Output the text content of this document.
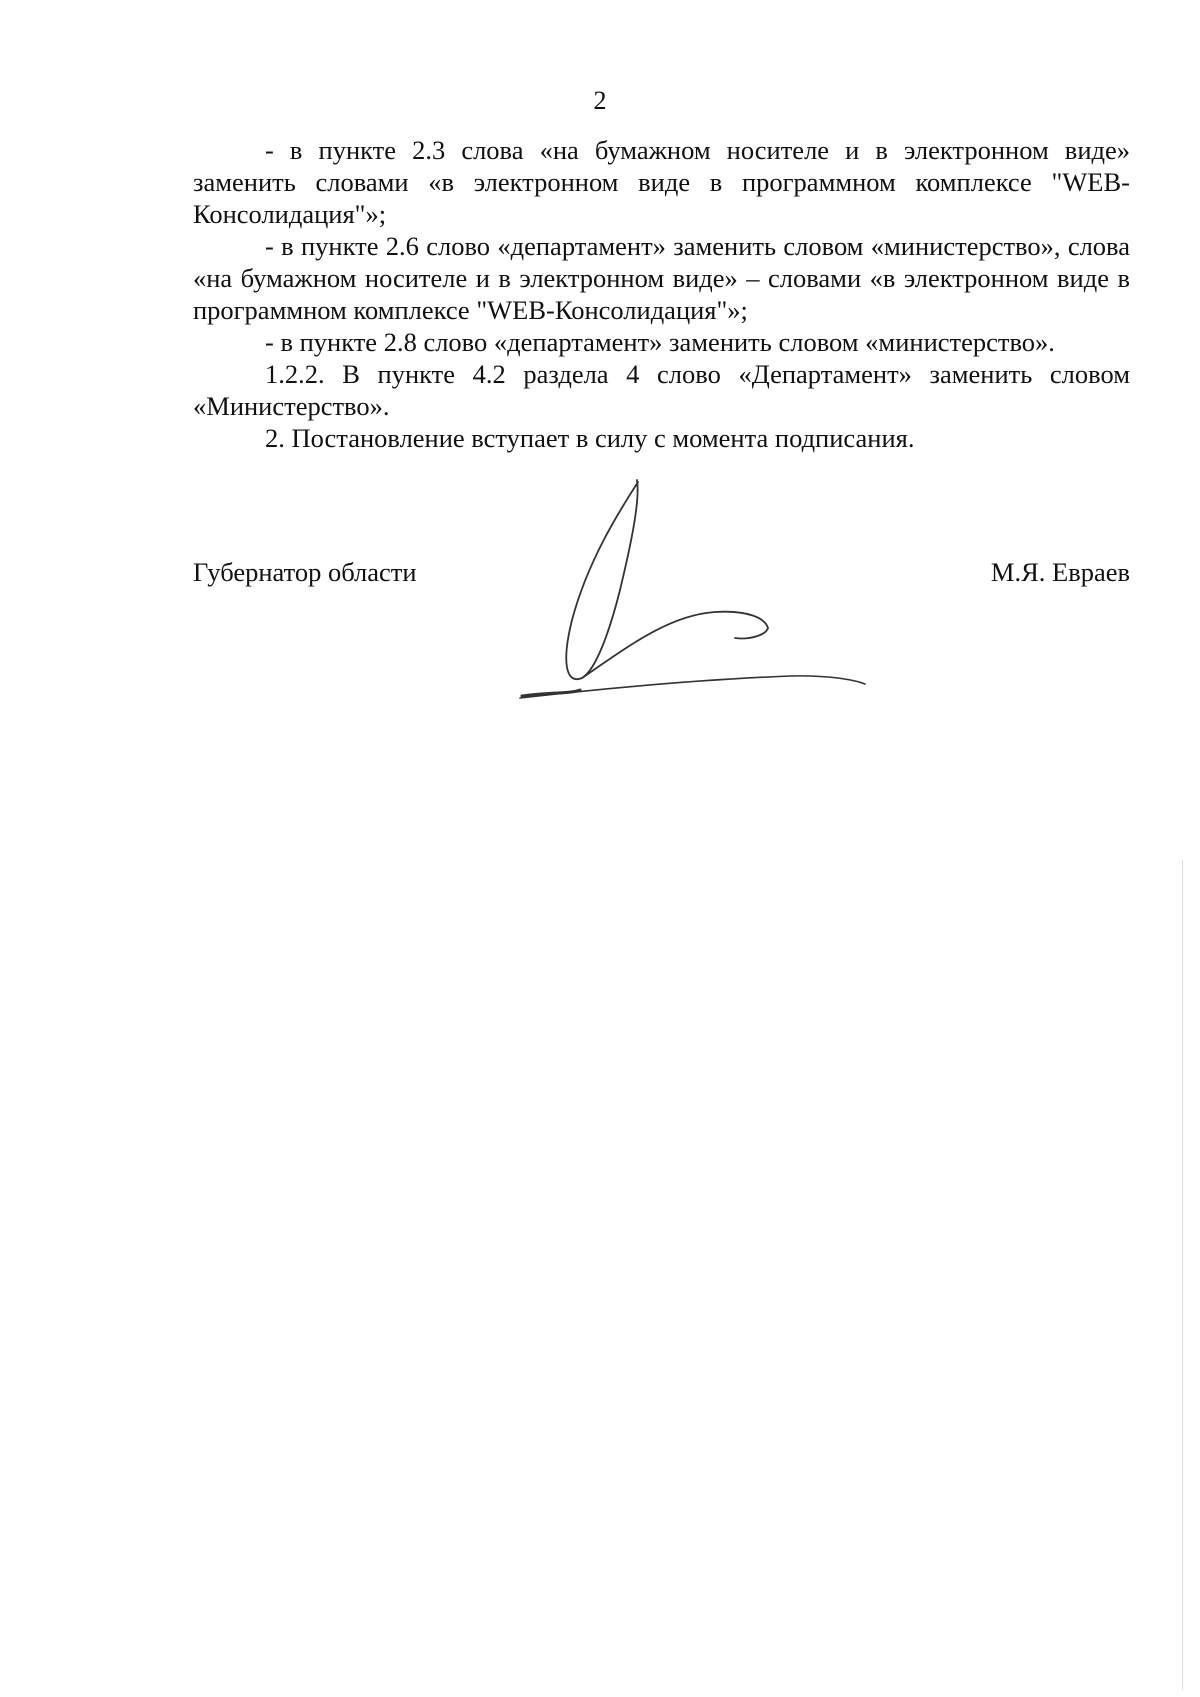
2

- в пункте 2.3 слова «на бумажном носителе и в электронном виде» заменить словами «в электронном виде в программном комплексе "WEB-Консолидация"»;

- в пункте 2.6 слово «департамент» заменить словом «министерство», слова «на бумажном носителе и в электронном виде» – словами «в электронном виде в программном комплексе "WEB-Консолидация"»;

- в пункте 2.8 слово «департамент» заменить словом «министерство».

1.2.2. В пункте 4.2 раздела 4 слово «Департамент» заменить словом «Министерство».

2. Постановление вступает в силу с момента подписания.

Губернатор области	М.Я. Евраев
